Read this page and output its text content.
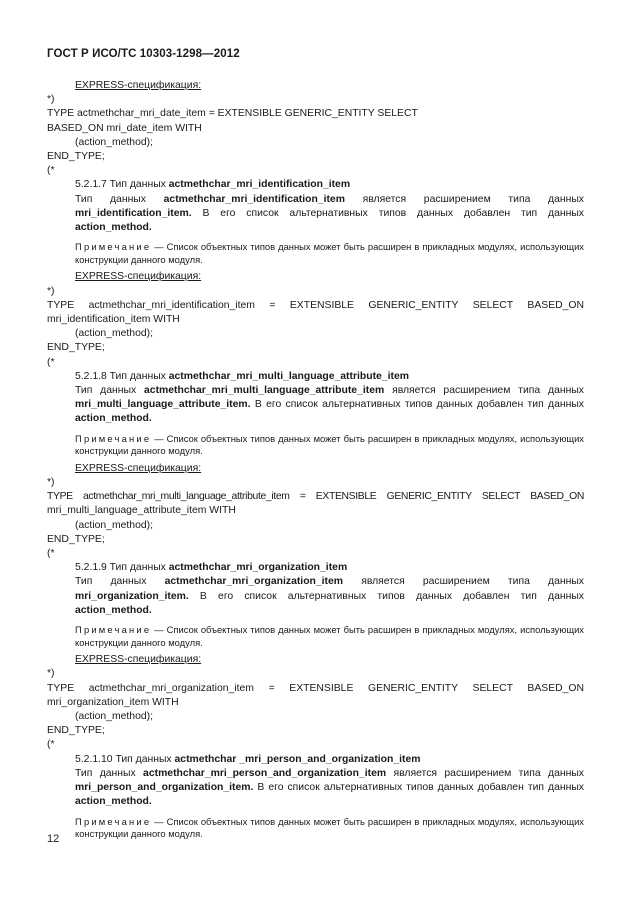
ГОСТ Р ИСО/ТС 10303-1298—2012
EXPRESS-спецификация:
*)
TYPE actmethchar_mri_date_item = EXTENSIBLE GENERIC_ENTITY SELECT
BASED_ON mri_date_item WITH
(action_method);
END_TYPE;
(*
5.2.1.7 Тип данных actmethchar_mri_identification_item
Тип данных actmethchar_mri_identification_item является расширением типа данных mri_identification_item. В его список альтернативных типов данных добавлен тип данных action_method.
Примечание — Список объектных типов данных может быть расширен в прикладных модулях, использующих конструкции данного модуля.
EXPRESS-спецификация:
*)
TYPE actmethchar_mri_identification_item = EXTENSIBLE GENERIC_ENTITY SELECT BASED_ON
mri_identification_item WITH
(action_method);
END_TYPE;
(*
5.2.1.8 Тип данных actmethchar_mri_multi_language_attribute_item
Тип данных actmethchar_mri_multi_language_attribute_item является расширением типа данных mri_multi_language_attribute_item. В его список альтернативных типов данных добавлен тип данных action_method.
Примечание — Список объектных типов данных может быть расширен в прикладных модулях, использующих конструкции данного модуля.
EXPRESS-спецификация:
*)
TYPE actmethchar_mri_multi_language_attribute_item = EXTENSIBLE GENERIC_ENTITY SELECT BASED_ON
mri_multi_language_attribute_item WITH
(action_method);
END_TYPE;
(*
5.2.1.9 Тип данных actmethchar_mri_organization_item
Тип данных actmethchar_mri_organization_item является расширением типа данных mri_organization_item. В его список альтернативных типов данных добавлен тип данных action_method.
Примечание — Список объектных типов данных может быть расширен в прикладных модулях, использующих конструкции данного модуля.
EXPRESS-спецификация:
*)
TYPE actmethchar_mri_organization_item = EXTENSIBLE GENERIC_ENTITY SELECT BASED_ON
mri_organization_item WITH
(action_method);
END_TYPE;
(*
5.2.1.10 Тип данных actmethchar _mri_person_and_organization_item
Тип данных actmethchar_mri_person_and_organization_item является расширением типа данных mri_person_and_organization_item. В его список альтернативных типов данных добавлен тип данных action_method.
Примечание — Список объектных типов данных может быть расширен в прикладных модулях, использующих конструкции данного модуля.
12
